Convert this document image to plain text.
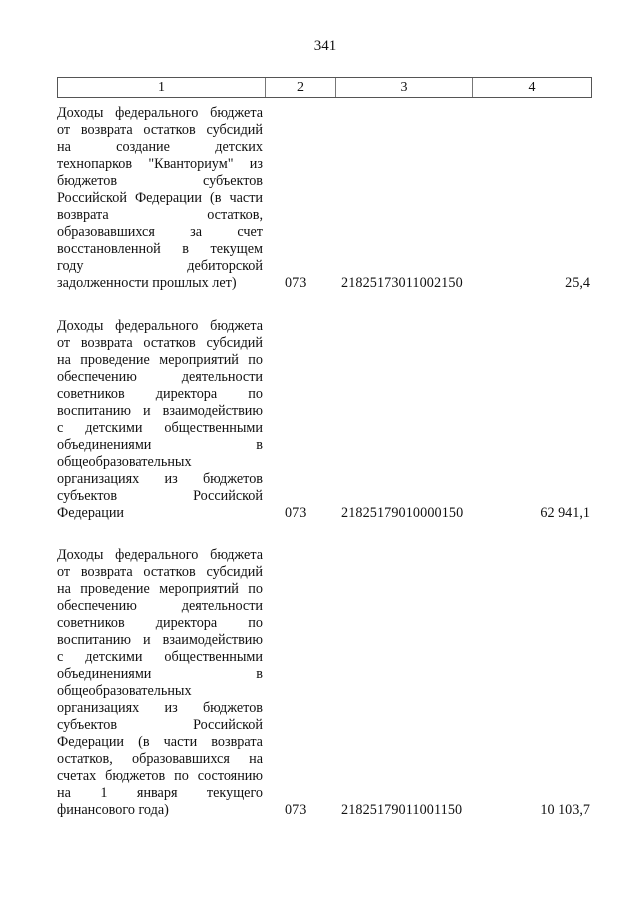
341
1	2	3	4
Доходы федерального бюджета
от возврата остатков субсидий
на создание детских
технопарков "Кванториум" из
бюджетов субъектов
Российской Федерации (в части
возврата остатков,
образовавшихся за счет
восстановленной в текущем
году дебиторской
задолженности прошлых лет)	073 21825173011002150	25,4
Доходы федерального бюджета
от возврата остатков субсидий
на проведение мероприятий по
обеспечению деятельности
советников директора по
воспитанию и взаимодействию
с детскими общественными
объединениями в
общеобразовательных
организациях из бюджетов
субъектов Российской
Федерации	073 21825179010000150	62 941,1
Доходы федерального бюджета
от возврата остатков субсидий
на проведение мероприятий по
обеспечению деятельности
советников директора по
воспитанию и взаимодействию
с детскими общественными
объединениями в
общеобразовательных
организациях из бюджетов
субъектов Российской
Федерации (в части возврата
остатков, образовавшихся на
счетах бюджетов по состоянию
на 1 января текущего
финансового года)	073 21825179011001150	10 103,7
